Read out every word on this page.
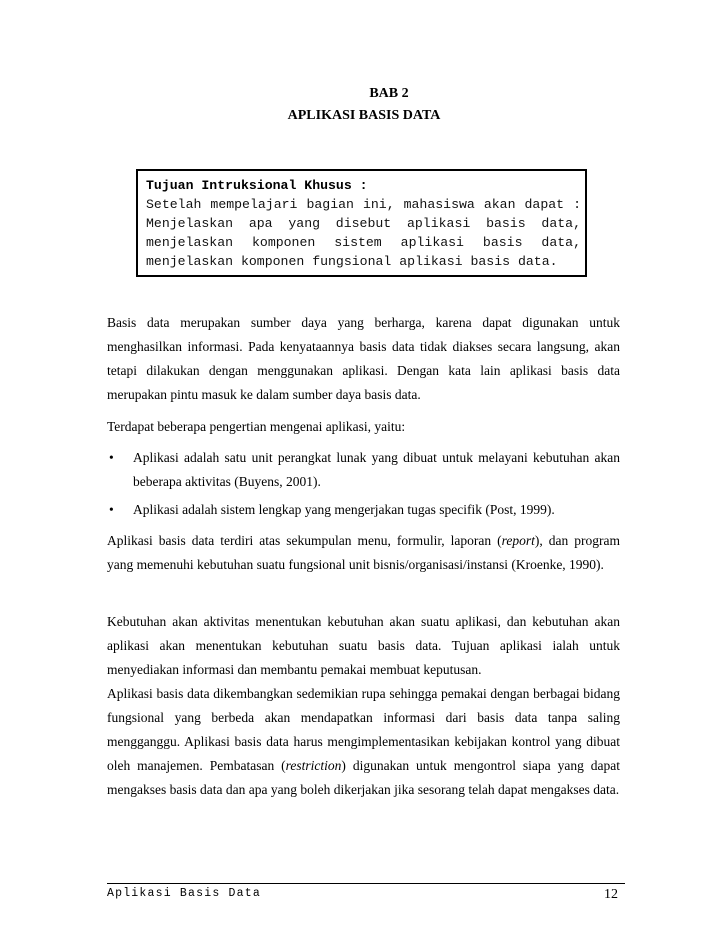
BAB 2
APLIKASI BASIS DATA
Tujuan Intruksional Khusus :
Setelah mempelajari bagian ini, mahasiswa akan dapat : Menjelaskan apa yang disebut aplikasi basis data, menjelaskan komponen sistem aplikasi basis data, menjelaskan komponen fungsional aplikasi basis data.
Basis data merupakan sumber daya yang berharga, karena dapat digunakan untuk menghasilkan informasi. Pada kenyataannya basis data tidak diakses secara langsung, akan tetapi dilakukan dengan menggunakan aplikasi. Dengan kata lain aplikasi basis data merupakan pintu masuk ke dalam sumber daya basis data.
Terdapat beberapa pengertian mengenai aplikasi, yaitu:
• Aplikasi adalah satu unit perangkat lunak yang dibuat untuk melayani kebutuhan akan beberapa aktivitas (Buyens, 2001).
• Aplikasi adalah sistem lengkap yang mengerjakan tugas specifik (Post, 1999).
Aplikasi basis data terdiri atas sekumpulan menu, formulir, laporan (report), dan program yang memenuhi kebutuhan suatu fungsional unit bisnis/organisasi/instansi (Kroenke, 1990).
Kebutuhan akan aktivitas menentukan kebutuhan akan suatu aplikasi, dan kebutuhan akan aplikasi akan menentukan kebutuhan suatu basis data. Tujuan aplikasi ialah untuk menyediakan informasi dan membantu pemakai membuat keputusan.
Aplikasi basis data dikembangkan sedemikian rupa sehingga pemakai dengan berbagai bidang fungsional yang berbeda akan mendapatkan informasi dari basis data tanpa saling mengganggu. Aplikasi basis data harus mengimplementasikan kebijakan kontrol yang dibuat oleh manajemen. Pembatasan (restriction) digunakan untuk mengontrol siapa yang dapat mengakses basis data dan apa yang boleh dikerjakan jika sesorang telah dapat mengakses data.
Aplikasi Basis Data	12
